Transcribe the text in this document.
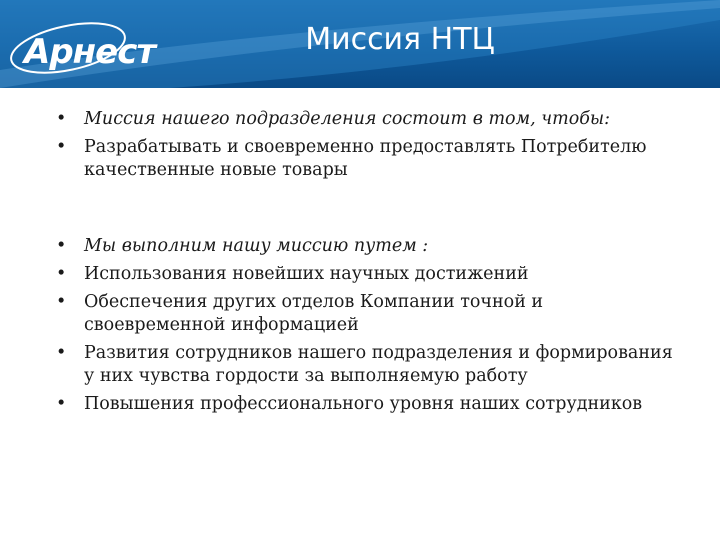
Арнест	Миссия НТЦ
• Миссия нашего подразделения состоит в том, чтобы:
• Разрабатывать и своевременно предоставлять Потребителю качественные новые товары
• Мы выполним нашу миссию путем :
• Использования новейших научных достижений
• Обеспечения других отделов Компании точной и своевременной информацией
• Развития сотрудников нашего подразделения и формирования у них чувства гордости за выполняемую работу
• Повышения профессионального уровня наших сотрудников
